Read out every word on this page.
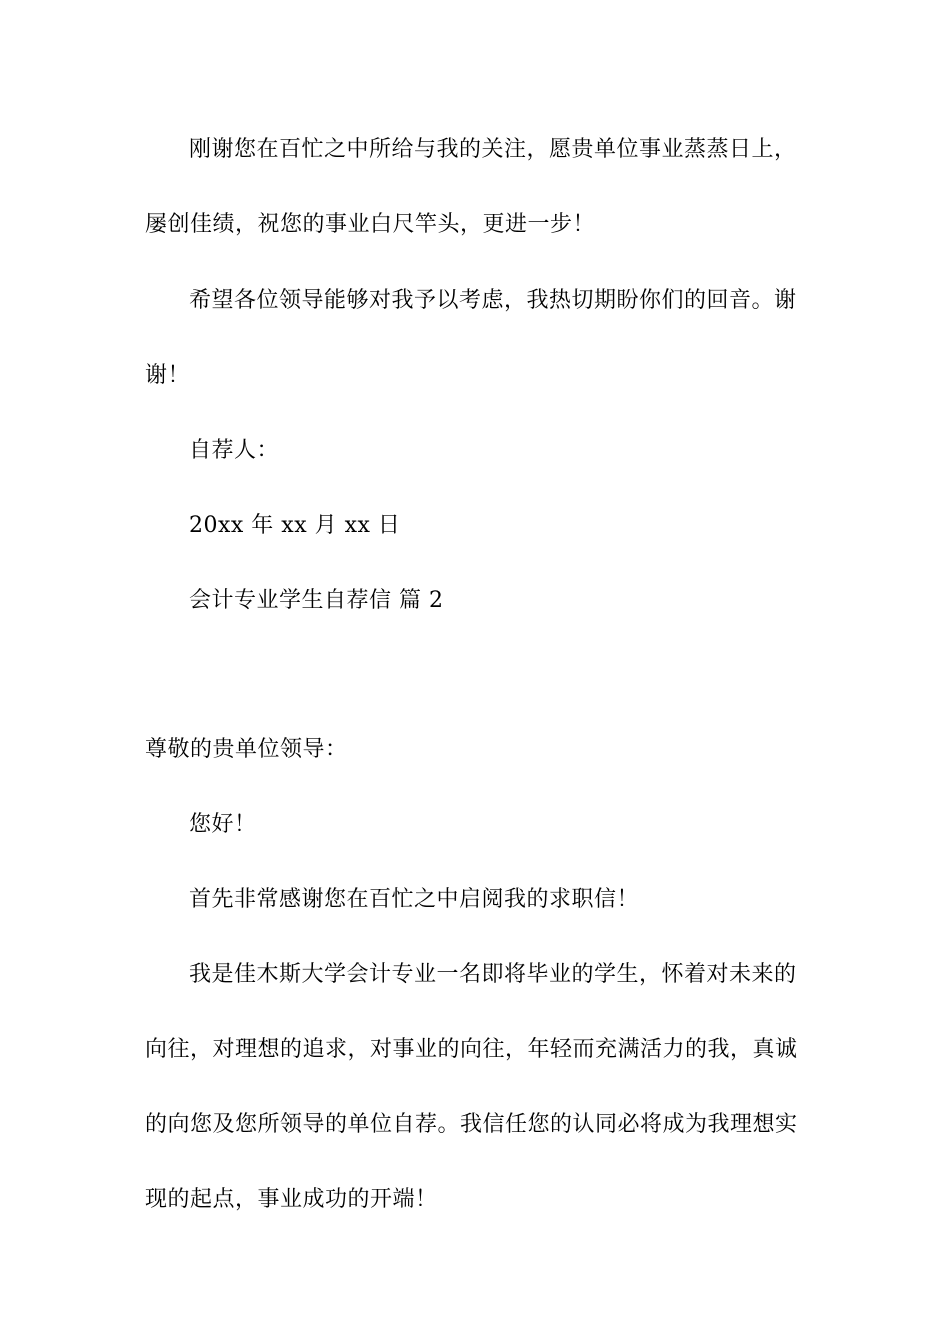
刚谢您在百忙之中所给与我的关注，愿贵单位事业蒸蒸日上，
屡创佳绩，祝您的事业白尺竿头，更进一步！
希望各位领导能够对我予以考虑，我热切期盼你们的回音。谢
谢！
自荐人：
20xx 年 xx 月 xx 日
会计专业学生自荐信 篇 2
尊敬的贵单位领导：
您好！
首先非常感谢您在百忙之中启阅我的求职信！
我是佳木斯大学会计专业一名即将毕业的学生，怀着对未来的
向往，对理想的追求，对事业的向往，年轻而充满活力的我，真诚
的向您及您所领导的单位自荐。我信任您的认同必将成为我理想实
现的起点，事业成功的开端！
